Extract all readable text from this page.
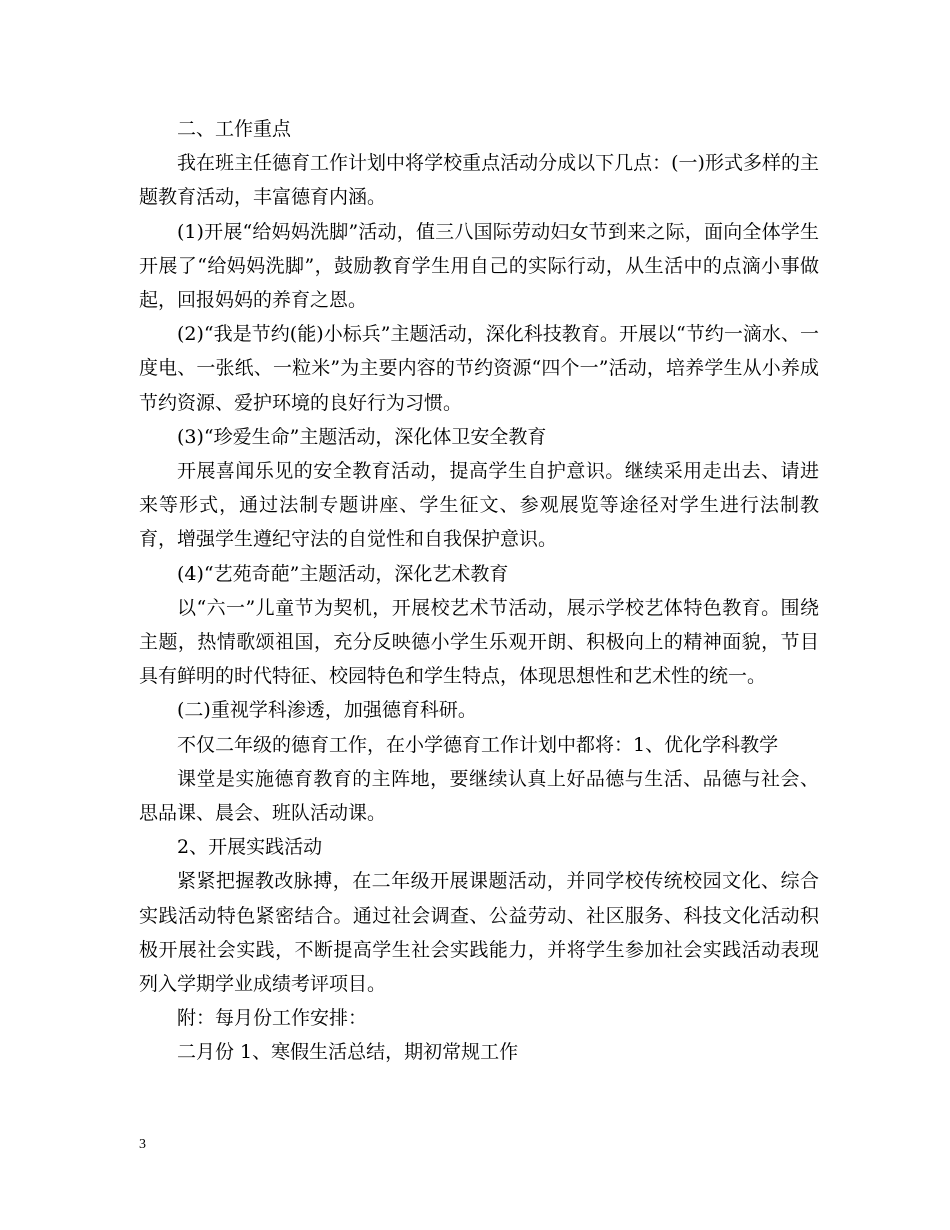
二、工作重点

我在班主任德育工作计划中将学校重点活动分成以下几点：(一)形式多样的主题教育活动，丰富德育内涵。

(1)开展“给妈妈洗脚”活动，值三八国际劳动妇女节到来之际，面向全体学生开展了“给妈妈洗脚”，鼓励教育学生用自己的实际行动，从生活中的点滴小事做起，回报妈妈的养育之恩。

(2)“我是节约(能)小标兵”主题活动，深化科技教育。开展以“节约一滴水、一度电、一张纸、一粒米”为主要内容的节约资源“四个一”活动，培养学生从小养成节约资源、爱护环境的良好行为习惯。

(3)“珍爱生命”主题活动，深化体卫安全教育

开展喜闻乐见的安全教育活动，提高学生自护意识。继续采用走出去、请进来等形式，通过法制专题讲座、学生征文、参观展览等途径对学生进行法制教育，增强学生遵纪守法的自觉性和自我保护意识。

(4)“艺苑奇葩”主题活动，深化艺术教育

以“六一”儿童节为契机，开展校艺术节活动，展示学校艺体特色教育。围绕主题，热情歌颂祖国，充分反映德小学生乐观开朗、积极向上的精神面貌，节目具有鲜明的时代特征、校园特色和学生特点，体现思想性和艺术性的统一。

(二)重视学科渗透，加强德育科研。

不仅二年级的德育工作，在小学德育工作计划中都将：1、优化学科教学

课堂是实施德育教育的主阵地，要继续认真上好品德与生活、品德与社会、思品课、晨会、班队活动课。

2、开展实践活动

紧紧把握教改脉搏，在二年级开展课题活动，并同学校传统校园文化、综合实践活动特色紧密结合。通过社会调查、公益劳动、社区服务、科技文化活动积极开展社会实践，不断提高学生社会实践能力，并将学生参加社会实践活动表现列入学期学业成绩考评项目。

附：每月份工作安排：

二月份 1、寒假生活总结，期初常规工作

3
